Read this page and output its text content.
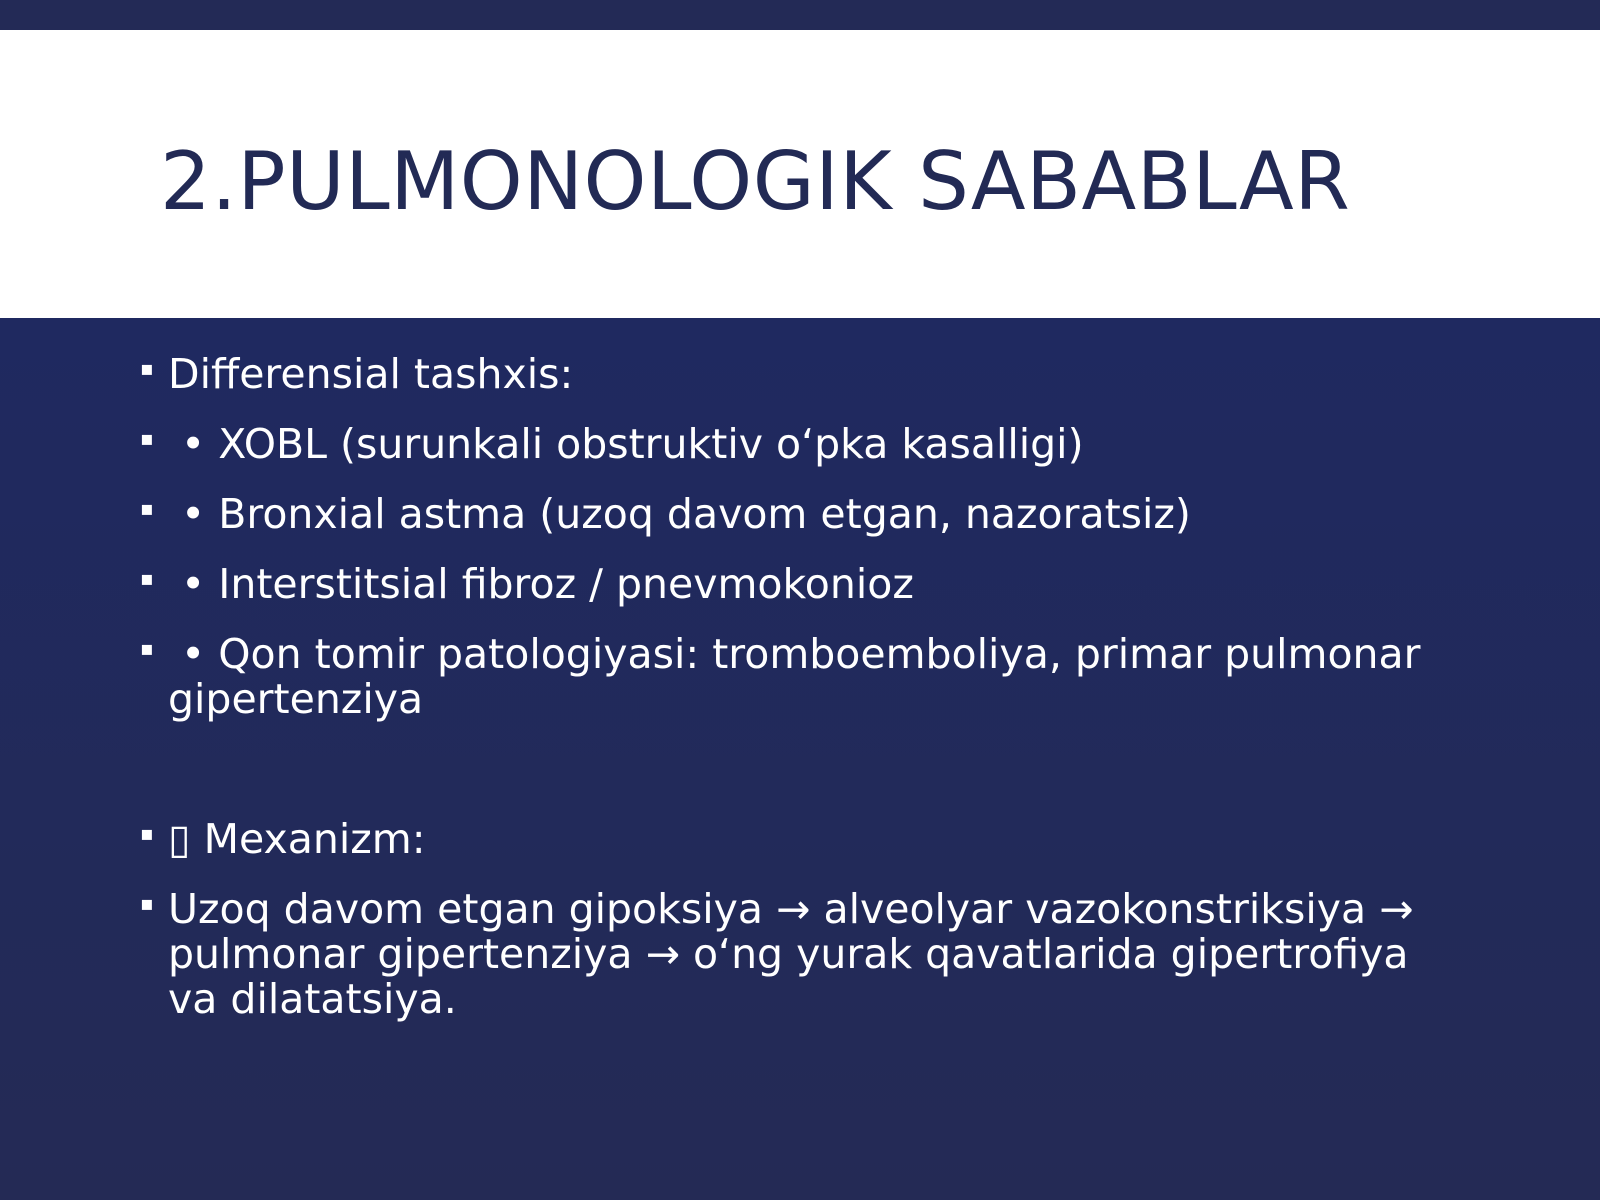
2.PULMONOLOGIK SABABLAR
▪ Differensial tashxis:
▪ • XOBL (surunkali obstruktiv oʻpka kasalligi)
▪ • Bronxial astma (uzoq davom etgan, nazoratsiz)
▪ • Interstitsial fibroz / pnevmokonioz
▪ • Qon tomir patologiyasi: tromboemboliya, primar pulmonar gipertenziya
▪ ▯ Mexanizm:
▪ Uzoq davom etgan gipoksiya → alveolyar vazokonstriksiya → pulmonar gipertenziya → oʻng yurak qavatlarida gipertrofiya va dilatatsiya.
